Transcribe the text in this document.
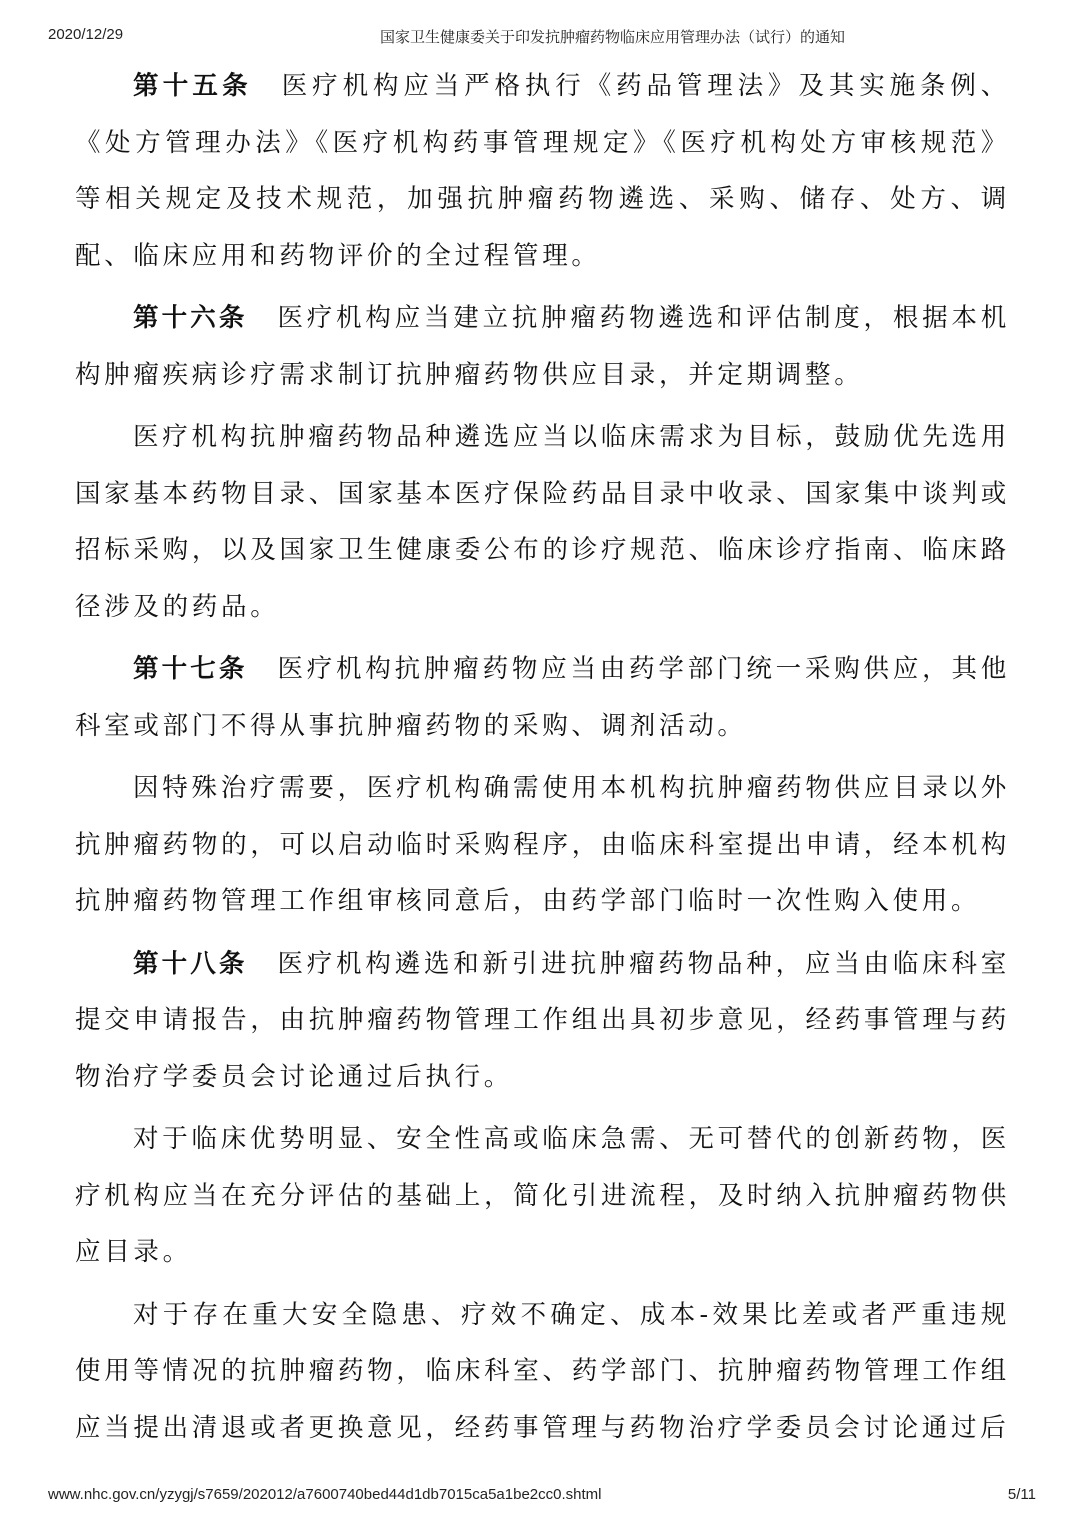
2020/12/29	国家卫生健康委关于印发抗肿瘤药物临床应用管理办法（试行）的通知

第十五条 医疗机构应当严格执行《药品管理法》及其实施条例、《处方管理办法》《医疗机构药事管理规定》《医疗机构处方审核规范》等相关规定及技术规范，加强抗肿瘤药物遴选、采购、储存、处方、调配、临床应用和药物评价的全过程管理。

第十六条 医疗机构应当建立抗肿瘤药物遴选和评估制度，根据本机构肿瘤疾病诊疗需求制订抗肿瘤药物供应目录，并定期调整。

医疗机构抗肿瘤药物品种遴选应当以临床需求为目标，鼓励优先选用国家基本药物目录、国家基本医疗保险药品目录中收录、国家集中谈判或招标采购，以及国家卫生健康委公布的诊疗规范、临床诊疗指南、临床路径涉及的药品。

第十七条 医疗机构抗肿瘤药物应当由药学部门统一采购供应，其他科室或部门不得从事抗肿瘤药物的采购、调剂活动。

因特殊治疗需要，医疗机构确需使用本机构抗肿瘤药物供应目录以外抗肿瘤药物的，可以启动临时采购程序，由临床科室提出申请，经本机构抗肿瘤药物管理工作组审核同意后，由药学部门临时一次性购入使用。

第十八条 医疗机构遴选和新引进抗肿瘤药物品种，应当由临床科室提交申请报告，由抗肿瘤药物管理工作组出具初步意见，经药事管理与药物治疗学委员会讨论通过后执行。

对于临床优势明显、安全性高或临床急需、无可替代的创新药物，医疗机构应当在充分评估的基础上，简化引进流程，及时纳入抗肿瘤药物供应目录。

对于存在重大安全隐患、疗效不确定、成本-效果比差或者严重违规使用等情况的抗肿瘤药物，临床科室、药学部门、抗肿瘤药物管理工作组应当提出清退或者更换意见，经药事管理与药物治疗学委员会讨论通过后

www.nhc.gov.cn/yzygj/s7659/202012/a7600740bed44d1db7015ca5a1be2cc0.shtml	5/11
